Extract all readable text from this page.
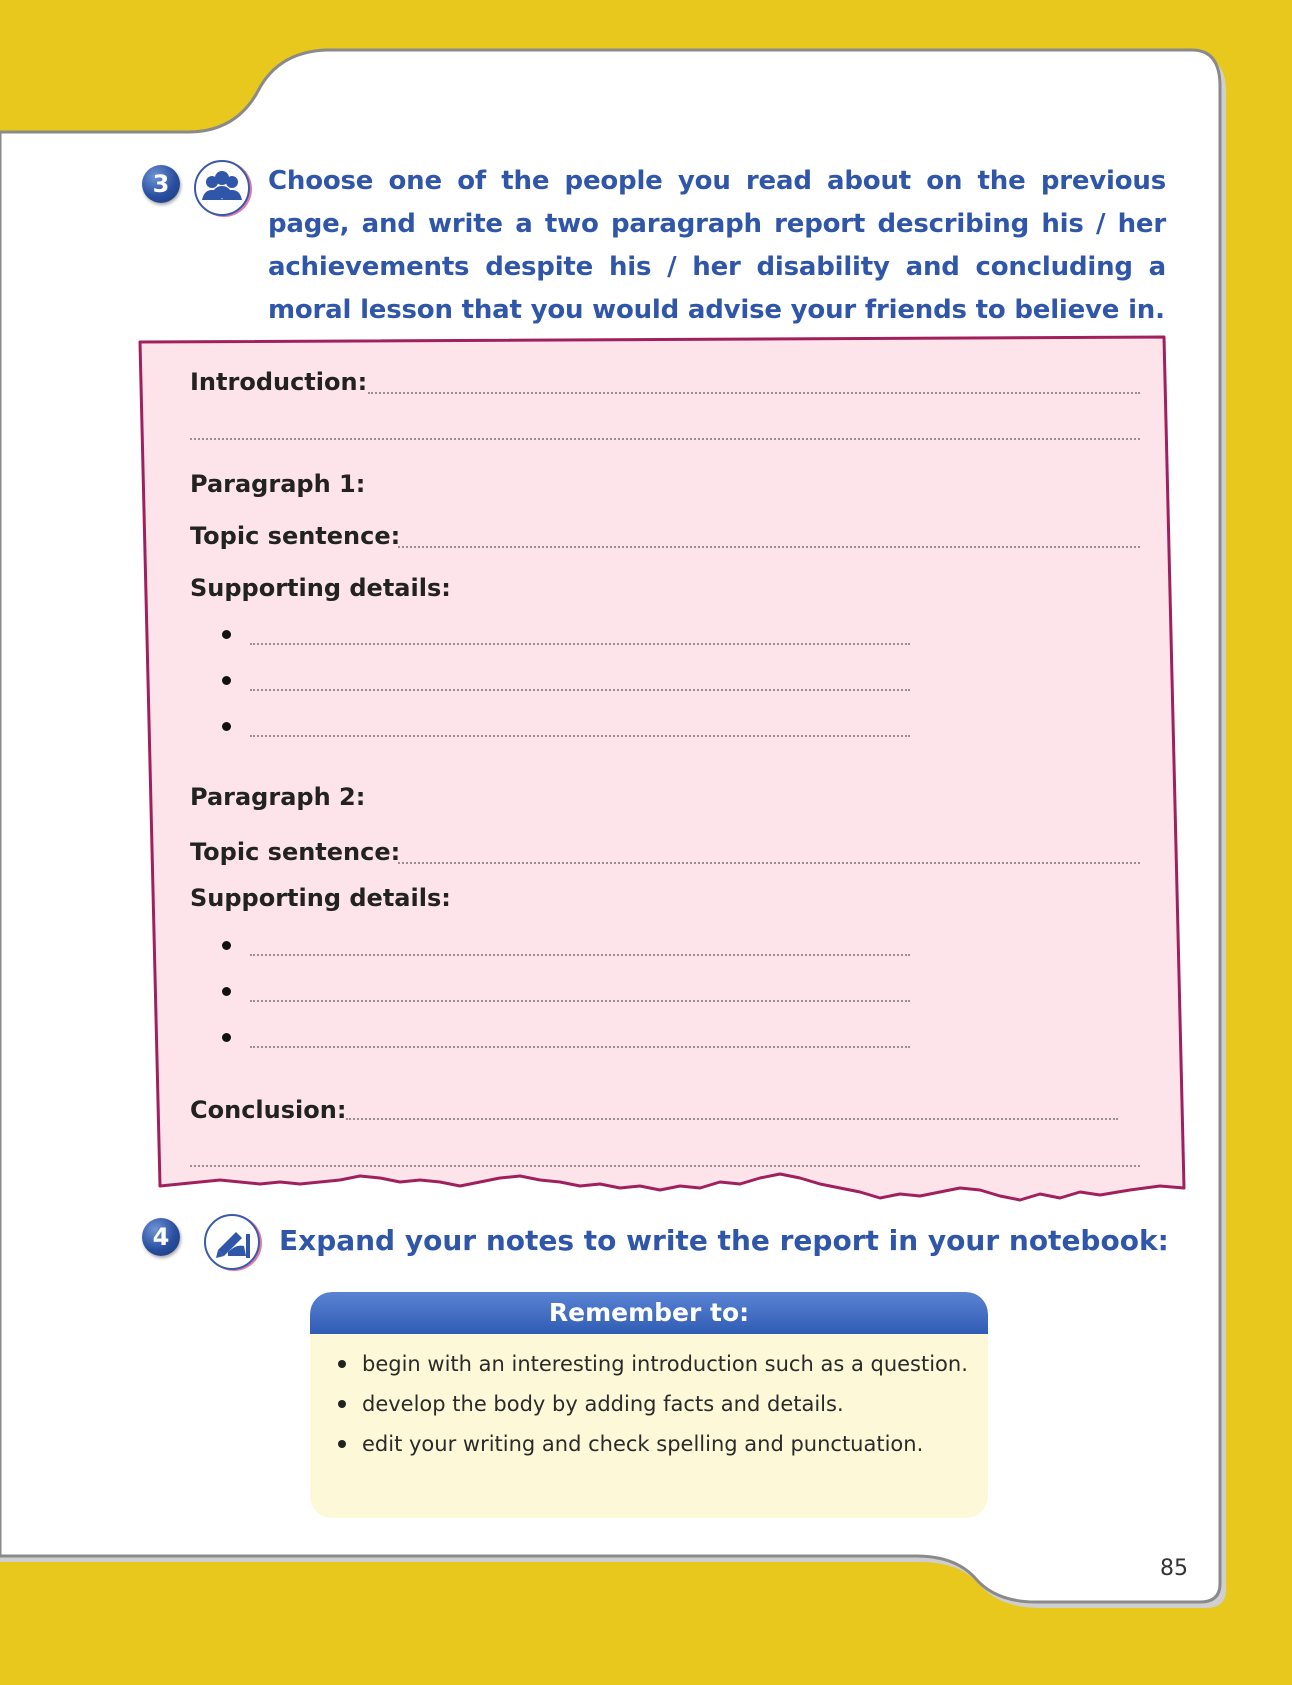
3	Choose one of the people you read about on the previous page, and write a two paragraph report describing his / her achievements despite his / her disability and concluding a moral lesson that you would advise your friends to believe in.
Introduction:
Paragraph 1:
Topic sentence:
Supporting details:
Paragraph 2:
Topic sentence:
Supporting details:
Conclusion:
4	Expand your notes to write the report in your notebook:
Remember to:
begin with an interesting introduction such as a question.
develop the body by adding facts and details.
edit your writing and check spelling and punctuation.
85
